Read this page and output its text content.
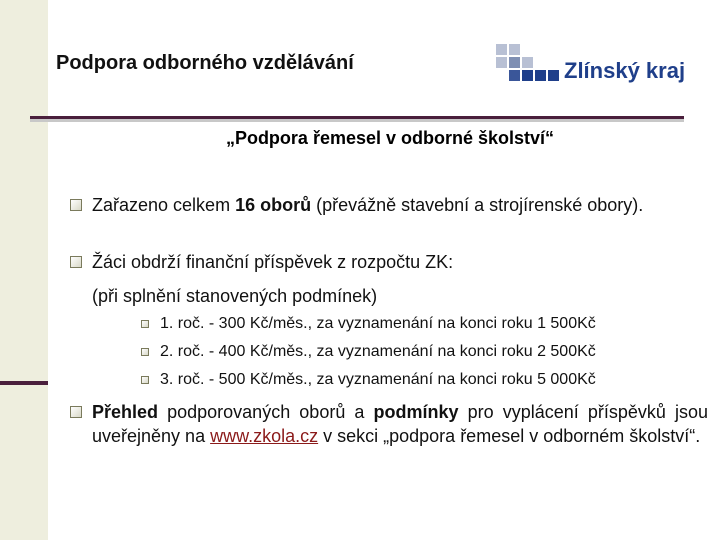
Podpora odborného vzdělávání	Zlínský kraj
„Podpora řemesel v odborné školství“
Zařazeno celkem 16 oborů (převážně stavební a strojírenské obory).
Žáci obdrží finanční příspěvek z rozpočtu ZK:
(při splnění stanovených podmínek)
1. roč. - 300 Kč/měs., za vyznamenání na konci roku 1 500Kč
2. roč. - 400 Kč/měs., za vyznamenání na konci roku 2 500Kč
3. roč. - 500 Kč/měs., za vyznamenání na konci roku 5 000Kč
Přehled podporovaných oborů a podmínky pro vyplácení příspěvků jsou uveřejněny na www.zkola.cz v sekci „podpora řemesel v odborném školství“.
